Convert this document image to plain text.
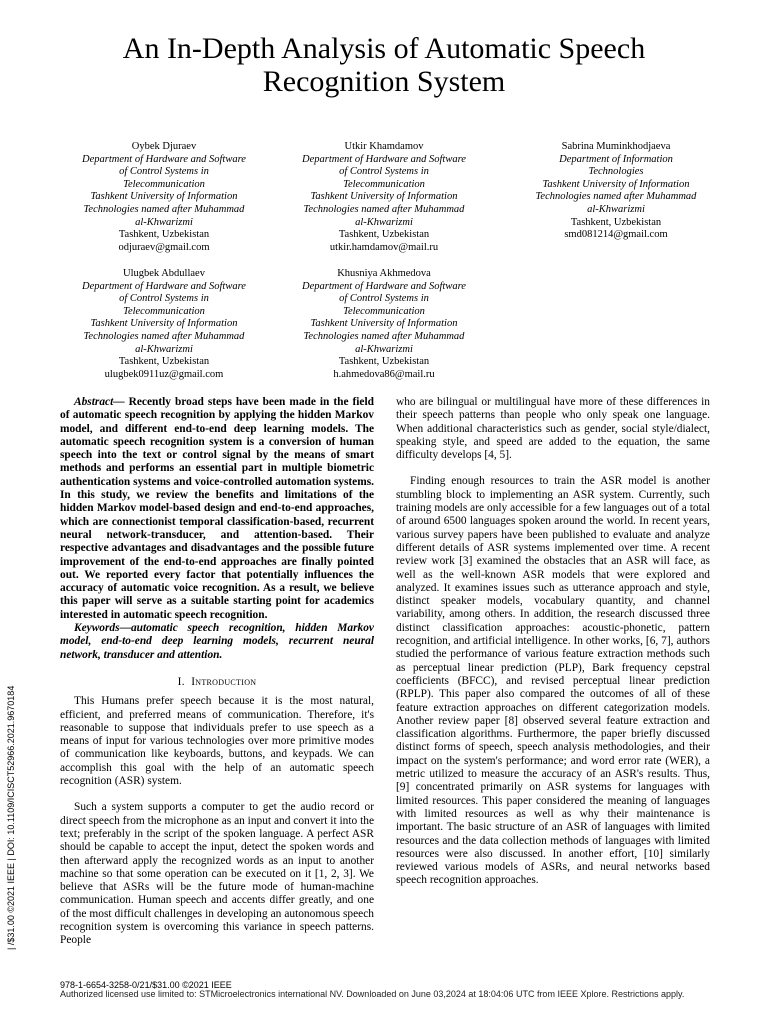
An In-Depth Analysis of Automatic Speech
Recognition System
Oybek Djuraev
Department of Hardware and Software
of Control Systems in
Telecommunication
Tashkent University of Information
Technologies named after Muhammad
al-Khwarizmi
Tashkent, Uzbekistan
odjuraev@gmail.com
Utkir Khamdamov
Department of Hardware and Software
of Control Systems in
Telecommunication
Tashkent University of Information
Technologies named after Muhammad
al-Khwarizmi
Tashkent, Uzbekistan
utkir.hamdamov@mail.ru
Sabrina Muminkhodjaeva
Department of Information
Technologies
Tashkent University of Information
Technologies named after Muhammad
al-Khwarizmi
Tashkent, Uzbekistan
smd081214@gmail.com
Ulugbek Abdullaev
Department of Hardware and Software
of Control Systems in
Telecommunication
Tashkent University of Information
Technologies named after Muhammad
al-Khwarizmi
Tashkent, Uzbekistan
ulugbek0911uz@gmail.com
Khusniya Akhmedova
Department of Hardware and Software
of Control Systems in
Telecommunication
Tashkent University of Information
Technologies named after Muhammad
al-Khwarizmi
Tashkent, Uzbekistan
h.ahmedova86@mail.ru

Abstract— Recently broad steps have been made in the field of automatic speech recognition by applying the hidden Markov model, and different end-to-end deep learning models. The automatic speech recognition system is a conversion of human speech into the text or control signal by the means of smart methods and performs an essential part in multiple biometric authentication systems and voice-controlled automation systems. In this study, we review the benefits and limitations of the hidden Markov model-based design and end-to-end approaches, which are connectionist temporal classification-based, recurrent neural network-transducer, and attention-based. Their respective advantages and disadvantages and the possible future improvement of the end-to-end approaches are finally pointed out. We reported every factor that potentially influences the accuracy of automatic voice recognition. As a result, we believe this paper will serve as a suitable starting point for academics interested in automatic speech recognition.

Keywords—automatic speech recognition, hidden Markov model, end-to-end deep learning models, recurrent neural network, transducer and attention.

I. Introduction

This Humans prefer speech because it is the most natural, efficient, and preferred means of communication. Therefore, it's reasonable to suppose that individuals prefer to use speech as a means of input for various technologies over more primitive modes of communication like keyboards, buttons, and keypads. We can accomplish this goal with the help of an automatic speech recognition (ASR) system.

Such a system supports a computer to get the audio record or direct speech from the microphone as an input and convert it into the text; preferably in the script of the spoken language. A perfect ASR should be capable to accept the input, detect the spoken words and then afterward apply the recognized words as an input to another machine so that some operation can be executed on it [1, 2, 3]. We believe that ASRs will be the future mode of human-machine communication. Human speech and accents differ greatly, and one of the most difficult challenges in developing an autonomous speech recognition system is overcoming this variance in speech patterns. People

who are bilingual or multilingual have more of these differences in their speech patterns than people who only speak one language. When additional characteristics such as gender, social style/dialect, speaking style, and speed are added to the equation, the same difficulty develops [4, 5].

Finding enough resources to train the ASR model is another stumbling block to implementing an ASR system. Currently, such training models are only accessible for a few languages out of a total of around 6500 languages spoken around the world. In recent years, various survey papers have been published to evaluate and analyze different details of ASR systems implemented over time. A recent review work [3] examined the obstacles that an ASR will face, as well as the well-known ASR models that were explored and analyzed. It examines issues such as utterance approach and style, distinct speaker models, vocabulary quantity, and channel variability, among others. In addition, the research discussed three distinct classification approaches: acoustic-phonetic, pattern recognition, and artificial intelligence. In other works, [6, 7], authors studied the performance of various feature extraction methods such as perceptual linear prediction (PLP), Bark frequency cepstral coefficients (BFCC), and revised perceptual linear prediction (RPLP). This paper also compared the outcomes of all of these feature extraction approaches on different categorization models. Another review paper [8] observed several feature extraction and classification algorithms. Furthermore, the paper briefly discussed distinct forms of speech, speech analysis methodologies, and their impact on the system's performance; and word error rate (WER), a metric utilized to measure the accuracy of an ASR's results. Thus, [9] concentrated primarily on ASR systems for languages with limited resources. This paper considered the meaning of languages with limited resources as well as why their maintenance is important. The basic structure of an ASR of languages with limited resources and the data collection methods of languages with limited resources were also discussed. In another effort, [10] similarly reviewed various models of ASRs, and neural networks based speech recognition approaches.

| /$31.00 ©2021 IEEE | DOI: 10.1109/ICISCT52966.2021.9670184
978-1-6654-3258-0/21/$31.00 ©2021 IEEE
Authorized licensed use limited to: STMicroelectronics international NV. Downloaded on June 03,2024 at 18:04:06 UTC from IEEE Xplore. Restrictions apply.
